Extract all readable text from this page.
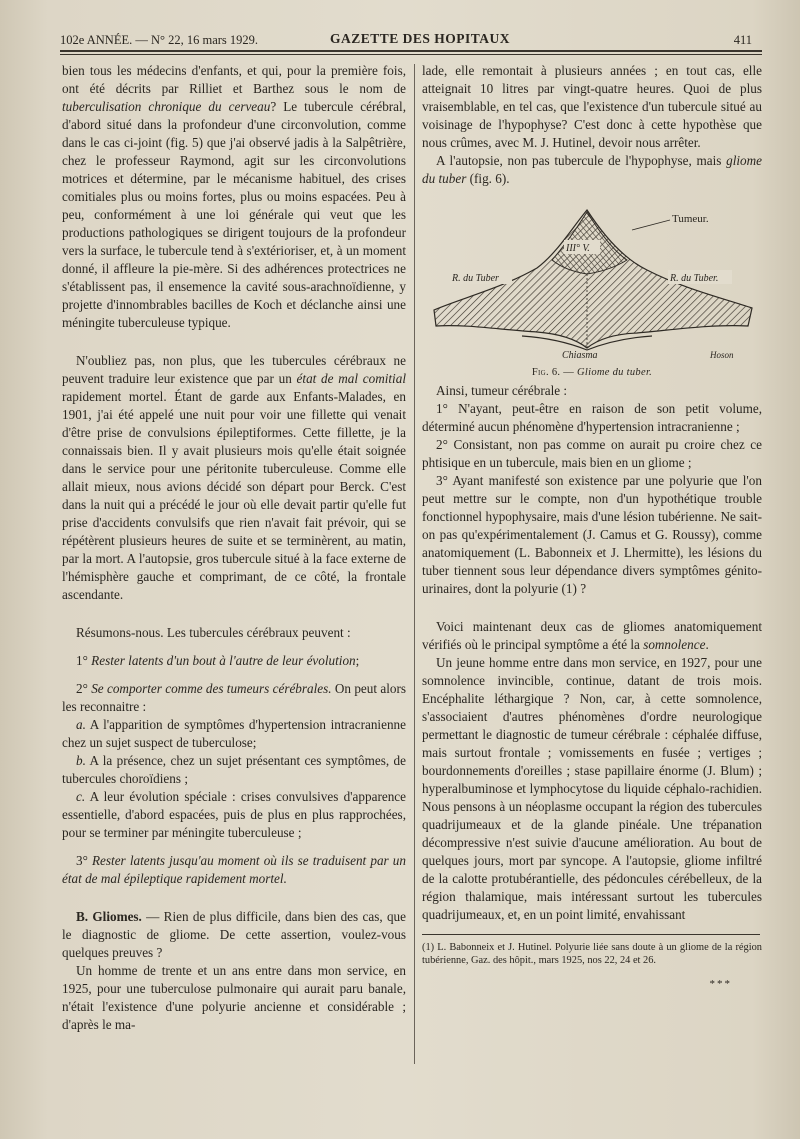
102e ANNÉE. — N° 22, 16 mars 1929.	GAZETTE DES HOPITAUX	411

bien tous les médecins d'enfants, et qui, pour la première fois, ont été décrits par Rilliet et Barthez sous le nom de tuberculisation chronique du cerveau? Le tubercule cérébral, d'abord situé dans la profondeur d'une circonvolution, comme dans le cas ci-joint (fig. 5) que j'ai observé jadis à la Salpêtrière, chez le professeur Raymond, agit sur les circonvolutions motrices et détermine, par le mécanisme habituel, des crises comitiales plus ou moins fortes, plus ou moins espacées. Peu à peu, conformément à une loi générale qui veut que les productions pathologiques se dirigent toujours de la profondeur vers la surface, le tubercule tend à s'extérioriser, et, à un moment donné, il affleure la pie-mère. Si des adhérences protectrices ne s'établissent pas, il ensemence la cavité sous-arachnoïdienne, y projette d'innombrables bacilles de Koch et déclanche ainsi une méningite tuberculeuse typique.

N'oubliez pas, non plus, que les tubercules cérébraux ne peuvent traduire leur existence que par un état de mal comitial rapidement mortel. Étant de garde aux Enfants-Malades, en 1901, j'ai été appelé une nuit pour voir une fillette qui venait d'être prise de convulsions épileptiformes. Cette fillette, je la connaissais bien. Il y avait plusieurs mois qu'elle était soignée dans le service pour une péritonite tuberculeuse. Comme elle allait mieux, nous avions décidé son départ pour Berck. C'est dans la nuit qui a précédé le jour où elle devait partir qu'elle fut prise d'accidents convulsifs que rien n'avait fait prévoir, qui se répétèrent plusieurs heures de suite et se terminèrent, au matin, par la mort. A l'autopsie, gros tubercule situé à la face externe de l'hémisphère gauche et comprimant, de ce côté, la frontale ascendante.

Résumons-nous. Les tubercules cérébraux peuvent :

1° Rester latents d'un bout à l'autre de leur évolution;

2° Se comporter comme des tumeurs cérébrales. On peut alors les reconnaitre :

a. A l'apparition de symptômes d'hypertension intracranienne chez un sujet suspect de tuberculose;

b. A la présence, chez un sujet présentant ces symptômes, de tubercules choroïdiens ;

c. A leur évolution spéciale : crises convulsives d'apparence essentielle, d'abord espacées, puis de plus en plus rapprochées, pour se terminer par méningite tuberculeuse ;

3° Rester latents jusqu'au moment où ils se traduisent par un état de mal épileptique rapidement mortel.

B. Gliomes. — Rien de plus difficile, dans bien des cas, que le diagnostic de gliome. De cette assertion, voulez-vous quelques preuves ?

Un homme de trente et un ans entre dans mon service, en 1925, pour une tuberculose pulmonaire qui aurait paru banale, n'était l'existence d'une polyurie ancienne et considérable ; d'après le ma-

lade, elle remontait à plusieurs années ; en tout cas, elle atteignait 10 litres par vingt-quatre heures. Quoi de plus vraisemblable, en tel cas, que l'existence d'un tubercule situé au voisinage de l'hypophyse? C'est donc à cette hypothèse que nous crûmes, avec M. J. Hutinel, devoir nous arrêter.

A l'autopsie, non pas tubercule de l'hypophyse, mais gliome du tuber (fig. 6).

Tumeur.
III° V.
R. du Tuber	R. du Tuber.
Chiasma	Hoson

Fig. 6. — Gliome du tuber.

Ainsi, tumeur cérébrale :

1° N'ayant, peut-être en raison de son petit volume, déterminé aucun phénomène d'hypertension intracranienne ;

2° Consistant, non pas comme on aurait pu croire chez ce phtisique en un tubercule, mais bien en un gliome ;

3° Ayant manifesté son existence par une polyurie que l'on peut mettre sur le compte, non d'un hypothétique trouble fonctionnel hypophysaire, mais d'une lésion tubérienne. Ne sait-on pas qu'expérimentalement (J. Camus et G. Roussy), comme anatomiquement (L. Babonneix et J. Lhermitte), les lésions du tuber tiennent sous leur dépendance divers symptômes génito-urinaires, dont la polyurie (1) ?

Voici maintenant deux cas de gliomes anatomiquement vérifiés où le principal symptôme a été la somnolence.

Un jeune homme entre dans mon service, en 1927, pour une somnolence invincible, continue, datant de trois mois. Encéphalite léthargique ? Non, car, à cette somnolence, s'associaient d'autres phénomènes d'ordre neurologique permettant le diagnostic de tumeur cérébrale : céphalée diffuse, mais surtout frontale ; vomissements en fusée ; vertiges ; bourdonnements d'oreilles ; stase papillaire énorme (J. Blum) ; hyperalbuminose et lymphocytose du liquide céphalo-rachidien. Nous pensons à un néoplasme occupant la région des tubercules quadrijumeaux et de la glande pinéale. Une trépanation décompressive n'est suivie d'aucune amélioration. Au bout de quelques jours, mort par syncope. A l'autopsie, gliome infiltré de la calotte protubérantielle, des pédoncules cérébelleux, de la région thalamique, mais intéressant surtout les tubercules quadrijumeaux, et, en un point limité, envahissant

(1) L. Babonneix et J. Hutinel. Polyurie liée sans doute à un gliome de la région tubérienne, Gaz. des hôpit., mars 1925, nos 22, 24 et 26.

***
